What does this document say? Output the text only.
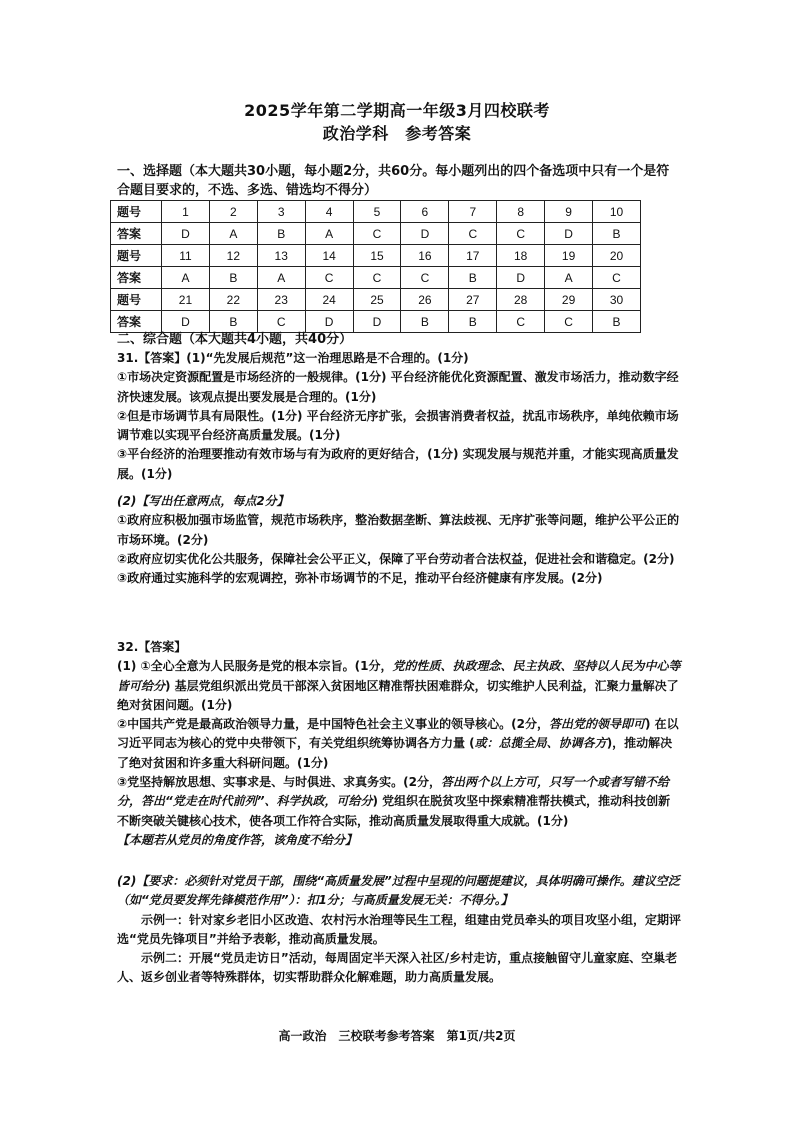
2025学年第二学期高一年级3月四校联考
政治学科　参考答案
一、选择题（本大题共30小题，每小题2分，共60分。每小题列出的四个备选项中只有一个是符合题目要求的，不选、多选、错选均不得分）
题号	1	2	3	4	5	6	7	8	9	10
答案	D	A	B	A	C	D	C	C	D	B
题号	11	12	13	14	15	16	17	18	19	20
答案	A	B	A	C	C	C	B	D	A	C
题号	21	22	23	24	25	26	27	28	29	30
答案	D	B	C	D	D	B	B	C	C	B
二、综合题（本大题共4小题，共40分）

31.【答案】(1)“先发展后规范”这一治理思路是不合理的。(1分)

①市场决定资源配置是市场经济的一般规律。(1分) 平台经济能优化资源配置、激发市场活力，推动数字经济快速发展。该观点提出要发展是合理的。(1分)

②但是市场调节具有局限性。(1分) 平台经济无序扩张，会损害消费者权益，扰乱市场秩序，单纯依赖市场调节难以实现平台经济高质量发展。(1分)

③平台经济的治理要推动有效市场与有为政府的更好结合，(1分) 实现发展与规范并重，才能实现高质量发展。(1分)

(2)【写出任意两点，每点2分】

①政府应积极加强市场监管，规范市场秩序，整治数据垄断、算法歧视、无序扩张等问题，维护公平公正的市场环境。(2分)

②政府应切实优化公共服务，保障社会公平正义，保障了平台劳动者合法权益，促进社会和谐稳定。(2分)

③政府通过实施科学的宏观调控，弥补市场调节的不足，推动平台经济健康有序发展。(2分)

32.【答案】

(1) ①全心全意为人民服务是党的根本宗旨。(1分，党的性质、执政理念、民主执政、坚持以人民为中心等皆可给分) 基层党组织派出党员干部深入贫困地区精准帮扶困难群众，切实维护人民利益，汇聚力量解决了绝对贫困问题。(1分)

②中国共产党是最高政治领导力量，是中国特色社会主义事业的领导核心。(2分，答出党的领导即可) 在以习近平同志为核心的党中央带领下，有关党组织统筹协调各方力量 (或：总揽全局、协调各方)，推动解决了绝对贫困和许多重大科研问题。(1分)

③党坚持解放思想、实事求是、与时俱进、求真务实。(2分，答出两个以上方可，只写一个或者写错不给分，答出“党走在时代前列”、科学执政，可给分) 党组织在脱贫攻坚中探索精准帮扶模式，推动科技创新不断突破关键核心技术，使各项工作符合实际，推动高质量发展取得重大成就。(1分)

【本题若从党员的角度作答，该角度不给分】

(2)【要求：必须针对党员干部，围绕“高质量发展”过程中呈现的问题提建议，具体明确可操作。建议空泛（如“党员要发挥先锋模范作用”）：扣1分；与高质量发展无关：不得分。】

示例一：针对家乡老旧小区改造、农村污水治理等民生工程，组建由党员牵头的项目攻坚小组，定期评选“党员先锋项目”并给予表彰，推动高质量发展。

示例二：开展“党员走访日”活动，每周固定半天深入社区/乡村走访，重点接触留守儿童家庭、空巢老人、返乡创业者等特殊群体，切实帮助群众化解难题，助力高质量发展。

高一政治　三校联考参考答案　第1页/共2页
